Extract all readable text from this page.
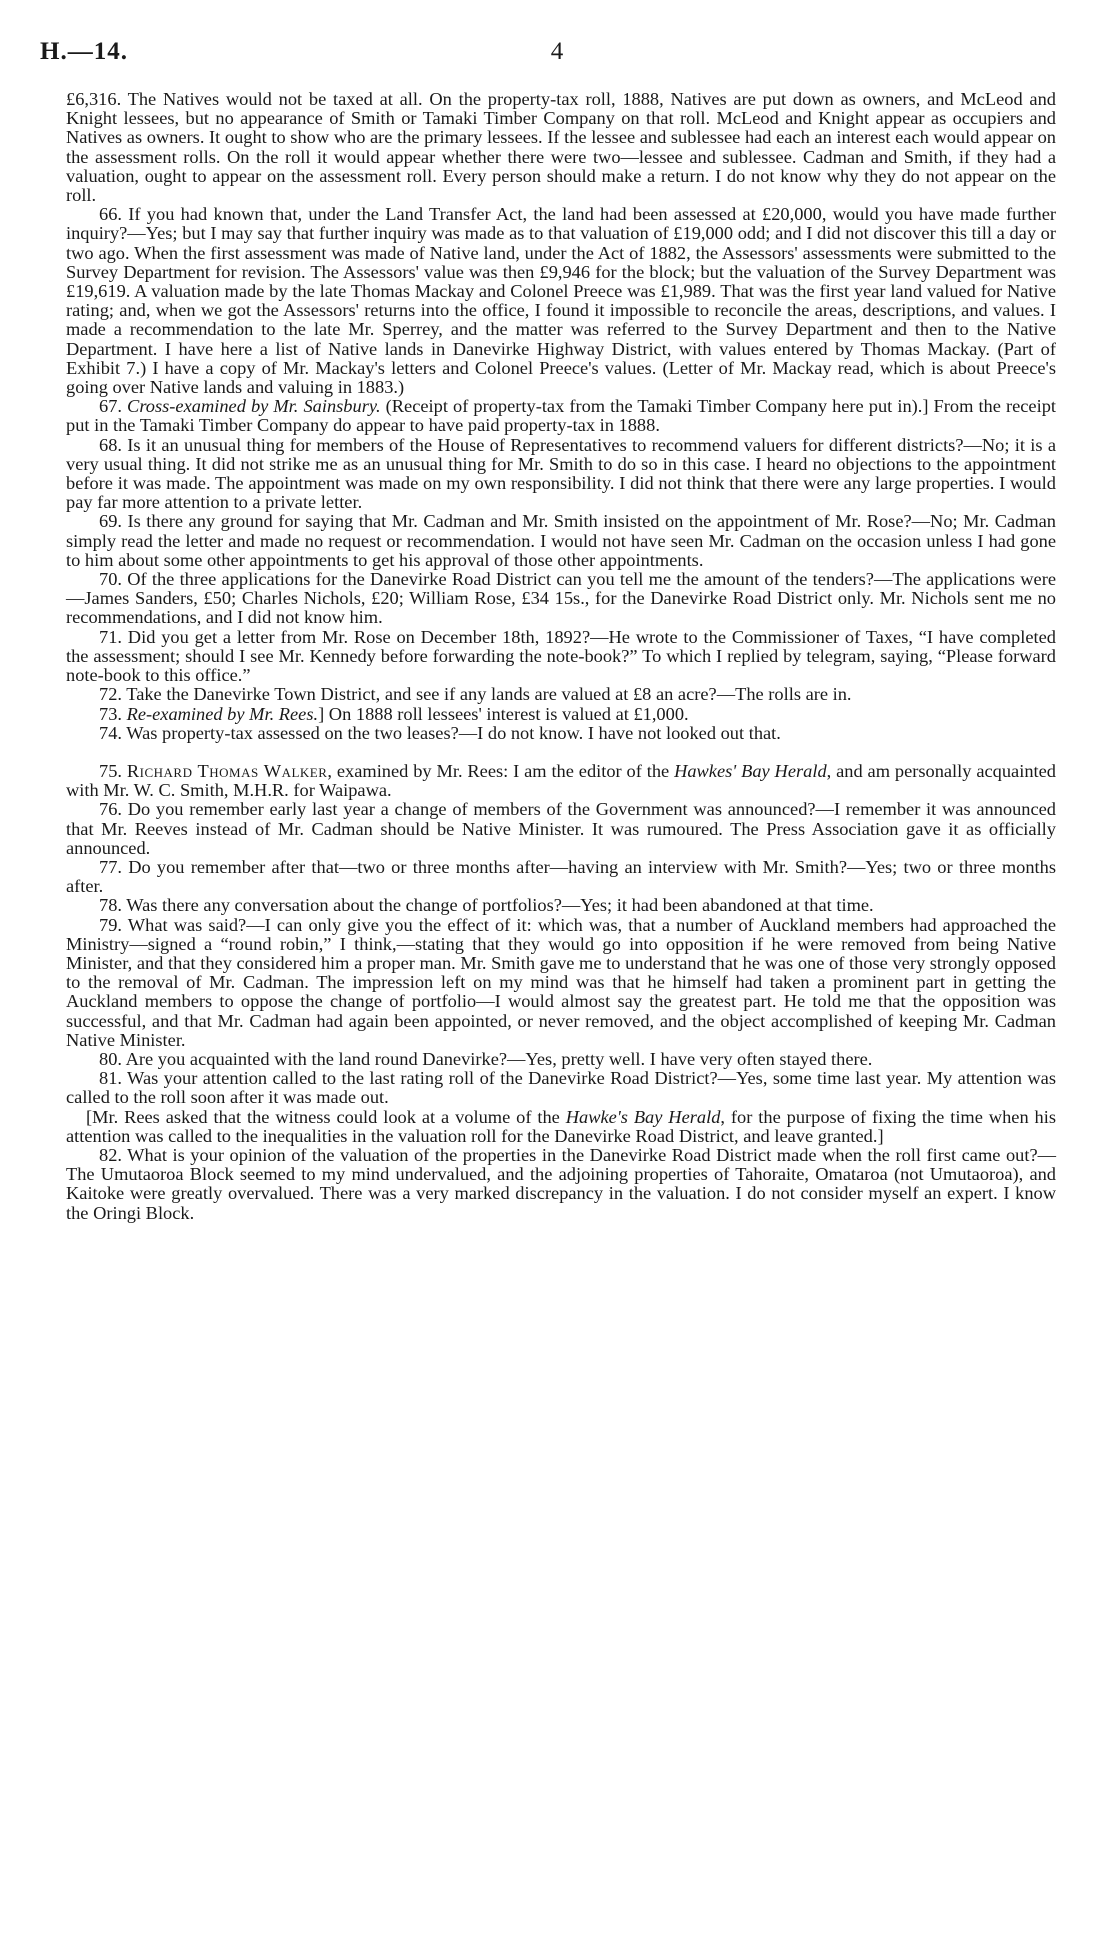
H.—14.	4

£6,316. The Natives would not be taxed at all. On the property-tax roll, 1888, Natives are put down as owners, and McLeod and Knight lessees, but no appearance of Smith or Tamaki Timber Company on that roll. McLeod and Knight appear as occupiers and Natives as owners. It ought to show who are the primary lessees. If the lessee and sublessee had each an interest each would appear on the assessment rolls. On the roll it would appear whether there were two—lessee and sublessee. Cadman and Smith, if they had a valuation, ought to appear on the assessment roll. Every person should make a return. I do not know why they do not appear on the roll.

66. If you had known that, under the Land Transfer Act, the land had been assessed at £20,000, would you have made further inquiry?—Yes; but I may say that further inquiry was made as to that valuation of £19,000 odd; and I did not discover this till a day or two ago. When the first assessment was made of Native land, under the Act of 1882, the Assessors' assessments were submitted to the Survey Department for revision. The Assessors' value was then £9,946 for the block; but the valuation of the Survey Department was £19,619. A valuation made by the late Thomas Mackay and Colonel Preece was £1,989. That was the first year land valued for Native rating; and, when we got the Assessors' returns into the office, I found it impossible to reconcile the areas, descriptions, and values. I made a recommendation to the late Mr. Sperrey, and the matter was referred to the Survey Department and then to the Native Department. I have here a list of Native lands in Danevirke Highway District, with values entered by Thomas Mackay. (Part of Exhibit 7.) I have a copy of Mr. Mackay's letters and Colonel Preece's values. (Letter of Mr. Mackay read, which is about Preece's going over Native lands and valuing in 1883.)

67. Cross-examined by Mr. Sainsbury. (Receipt of property-tax from the Tamaki Timber Company here put in).] From the receipt put in the Tamaki Timber Company do appear to have paid property-tax in 1888.

68. Is it an unusual thing for members of the House of Representatives to recommend valuers for different districts?—No; it is a very usual thing. It did not strike me as an unusual thing for Mr. Smith to do so in this case. I heard no objections to the appointment before it was made. The appointment was made on my own responsibility. I did not think that there were any large properties. I would pay far more attention to a private letter.

69. Is there any ground for saying that Mr. Cadman and Mr. Smith insisted on the appointment of Mr. Rose?—No; Mr. Cadman simply read the letter and made no request or recommendation. I would not have seen Mr. Cadman on the occasion unless I had gone to him about some other appointments to get his approval of those other appointments.

70. Of the three applications for the Danevirke Road District can you tell me the amount of the tenders?—The applications were—James Sanders, £50; Charles Nichols, £20; William Rose, £34 15s., for the Danevirke Road District only. Mr. Nichols sent me no recommendations, and I did not know him.

71. Did you get a letter from Mr. Rose on December 18th, 1892?—He wrote to the Commissioner of Taxes, “I have completed the assessment; should I see Mr. Kennedy before forwarding the note-book?” To which I replied by telegram, saying, “Please forward note-book to this office.”

72. Take the Danevirke Town District, and see if any lands are valued at £8 an acre?—The rolls are in.

73. Re-examined by Mr. Rees.] On 1888 roll lessees' interest is valued at £1,000.

74. Was property-tax assessed on the two leases?—I do not know. I have not looked out that.

75. Richard Thomas Walker, examined by Mr. Rees: I am the editor of the Hawkes' Bay Herald, and am personally acquainted with Mr. W. C. Smith, M.H.R. for Waipawa.

76. Do you remember early last year a change of members of the Government was announced?—I remember it was announced that Mr. Reeves instead of Mr. Cadman should be Native Minister. It was rumoured. The Press Association gave it as officially announced.

77. Do you remember after that—two or three months after—having an interview with Mr. Smith?—Yes; two or three months after.

78. Was there any conversation about the change of portfolios?—Yes; it had been abandoned at that time.

79. What was said?—I can only give you the effect of it: which was, that a number of Auckland members had approached the Ministry—signed a “round robin,” I think,—stating that they would go into opposition if he were removed from being Native Minister, and that they considered him a proper man. Mr. Smith gave me to understand that he was one of those very strongly opposed to the removal of Mr. Cadman. The impression left on my mind was that he himself had taken a prominent part in getting the Auckland members to oppose the change of portfolio—I would almost say the greatest part. He told me that the opposition was successful, and that Mr. Cadman had again been appointed, or never removed, and the object accomplished of keeping Mr. Cadman Native Minister.

80. Are you acquainted with the land round Danevirke?—Yes, pretty well. I have very often stayed there.

81. Was your attention called to the last rating roll of the Danevirke Road District?—Yes, some time last year. My attention was called to the roll soon after it was made out.

[Mr. Rees asked that the witness could look at a volume of the Hawke's Bay Herald, for the purpose of fixing the time when his attention was called to the inequalities in the valuation roll for the Danevirke Road District, and leave granted.]

82. What is your opinion of the valuation of the properties in the Danevirke Road District made when the roll first came out?—The Umutaoroa Block seemed to my mind undervalued, and the adjoining properties of Tahoraite, Omataroa (not Umutaoroa), and Kaitoke were greatly overvalued. There was a very marked discrepancy in the valuation. I do not consider myself an expert. I know the Oringi Block.
